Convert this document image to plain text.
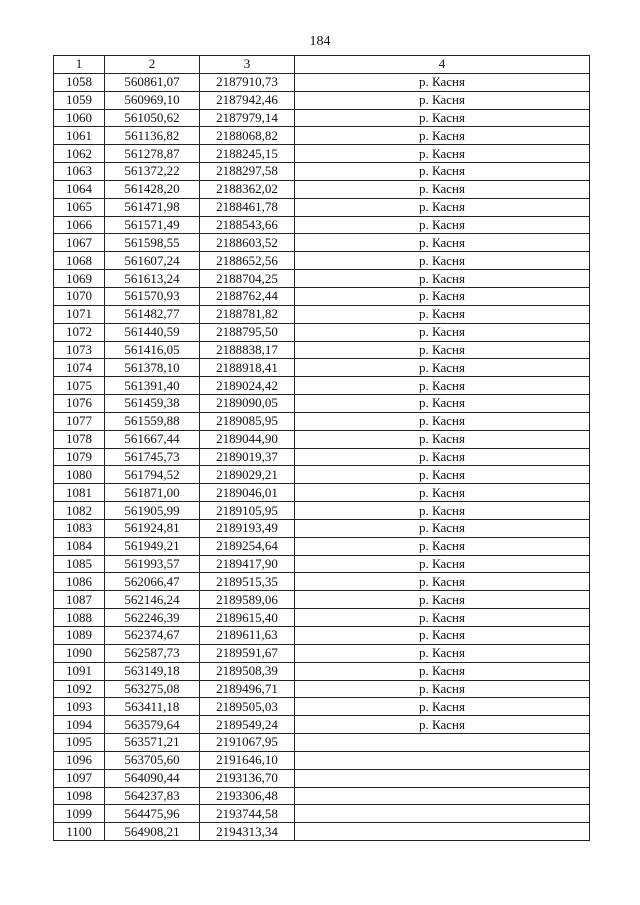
184
1	2	3	4
1058	560861,07	2187910,73	р. Касня
1059	560969,10	2187942,46	р. Касня
1060	561050,62	2187979,14	р. Касня
1061	561136,82	2188068,82	р. Касня
1062	561278,87	2188245,15	р. Касня
1063	561372,22	2188297,58	р. Касня
1064	561428,20	2188362,02	р. Касня
1065	561471,98	2188461,78	р. Касня
1066	561571,49	2188543,66	р. Касня
1067	561598,55	2188603,52	р. Касня
1068	561607,24	2188652,56	р. Касня
1069	561613,24	2188704,25	р. Касня
1070	561570,93	2188762,44	р. Касня
1071	561482,77	2188781,82	р. Касня
1072	561440,59	2188795,50	р. Касня
1073	561416,05	2188838,17	р. Касня
1074	561378,10	2188918,41	р. Касня
1075	561391,40	2189024,42	р. Касня
1076	561459,38	2189090,05	р. Касня
1077	561559,88	2189085,95	р. Касня
1078	561667,44	2189044,90	р. Касня
1079	561745,73	2189019,37	р. Касня
1080	561794,52	2189029,21	р. Касня
1081	561871,00	2189046,01	р. Касня
1082	561905,99	2189105,95	р. Касня
1083	561924,81	2189193,49	р. Касня
1084	561949,21	2189254,64	р. Касня
1085	561993,57	2189417,90	р. Касня
1086	562066,47	2189515,35	р. Касня
1087	562146,24	2189589,06	р. Касня
1088	562246,39	2189615,40	р. Касня
1089	562374,67	2189611,63	р. Касня
1090	562587,73	2189591,67	р. Касня
1091	563149,18	2189508,39	р. Касня
1092	563275,08	2189496,71	р. Касня
1093	563411,18	2189505,03	р. Касня
1094	563579,64	2189549,24	р. Касня
1095	563571,21	2191067,95	
1096	563705,60	2191646,10	
1097	564090,44	2193136,70	
1098	564237,83	2193306,48	
1099	564475,96	2193744,58	
1100	564908,21	2194313,34	
